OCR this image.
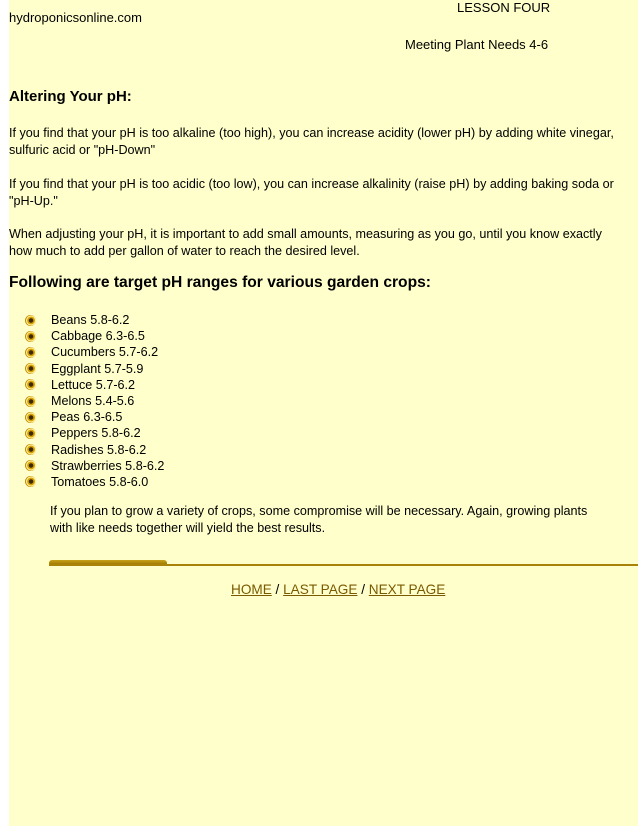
hydroponicsonline.com
LESSON FOUR
Meeting Plant Needs 4-6
Altering Your pH:
If you find that your pH is too alkaline (too high), you can increase acidity (lower pH) by adding white vinegar, sulfuric acid or "pH-Down"
If you find that your pH is too acidic (too low), you can increase alkalinity (raise pH) by adding baking soda or "pH-Up."
When adjusting your pH, it is important to add small amounts, measuring as you go, until you know exactly how much to add per gallon of water to reach the desired level.
Following are target pH ranges for various garden crops:
Beans 5.8-6.2
Cabbage 6.3-6.5
Cucumbers 5.7-6.2
Eggplant 5.7-5.9
Lettuce 5.7-6.2
Melons 5.4-5.6
Peas 6.3-6.5
Peppers 5.8-6.2
Radishes 5.8-6.2
Strawberries 5.8-6.2
Tomatoes 5.8-6.0
If you plan to grow a variety of crops, some compromise will be necessary. Again, growing plants with like needs together will yield the best results.
HOME / LAST PAGE / NEXT PAGE
